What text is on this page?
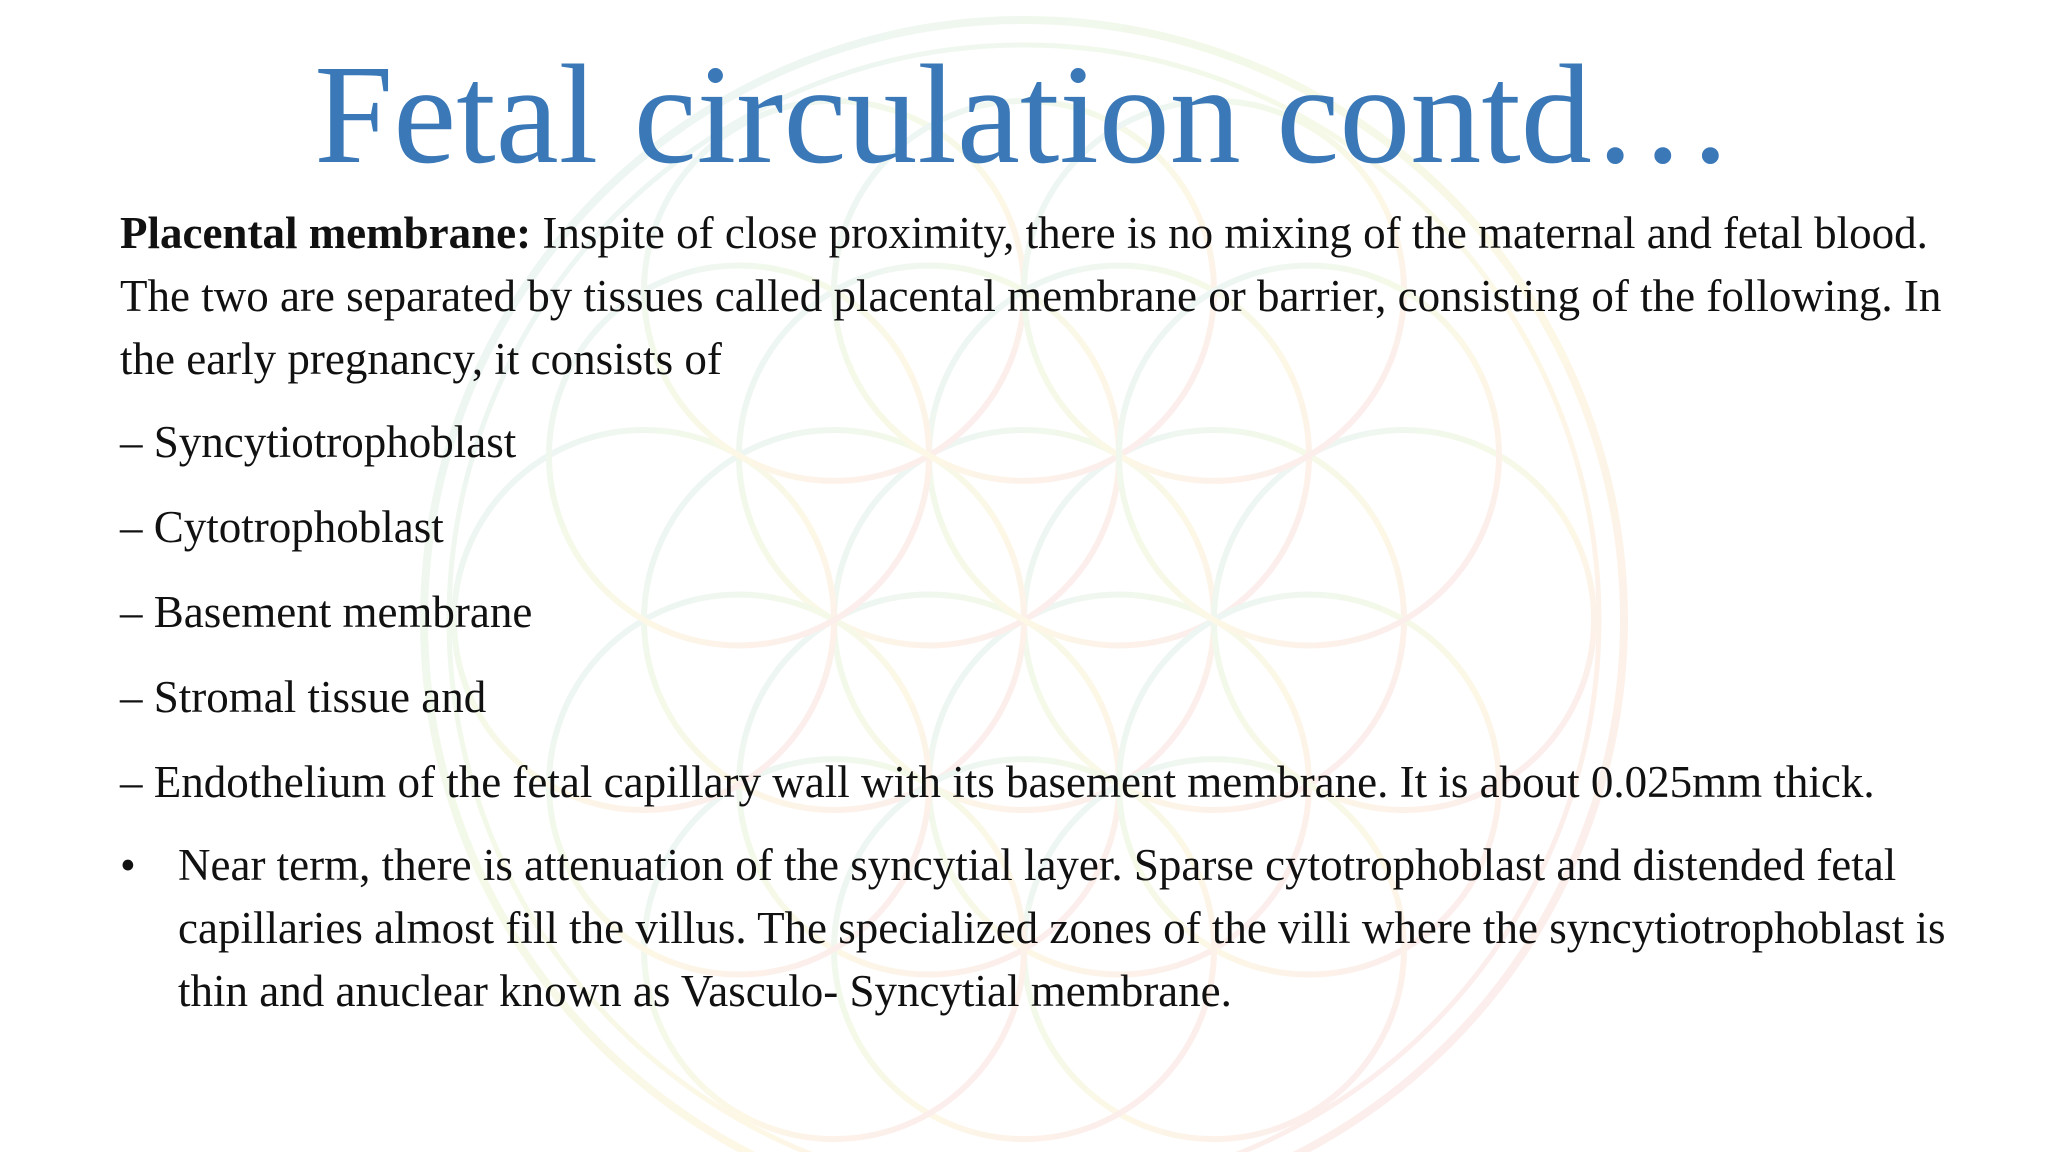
Fetal circulation contd…

Placental membrane: Inspite of close proximity, there is no mixing of the maternal and fetal blood. The two are separated by tissues called placental membrane or barrier, consisting of the following. In the early pregnancy, it consists of

– Syncytiotrophoblast
– Cytotrophoblast
– Basement membrane
– Stromal tissue and
– Endothelium of the fetal capillary wall with its basement membrane. It is about 0.025mm thick.
• Near term, there is attenuation of the syncytial layer. Sparse cytotrophoblast and distended fetal capillaries almost fill the villus. The specialized zones of the villi where the syncytiotrophoblast is thin and anuclear known as Vasculo- Syncytial membrane.
